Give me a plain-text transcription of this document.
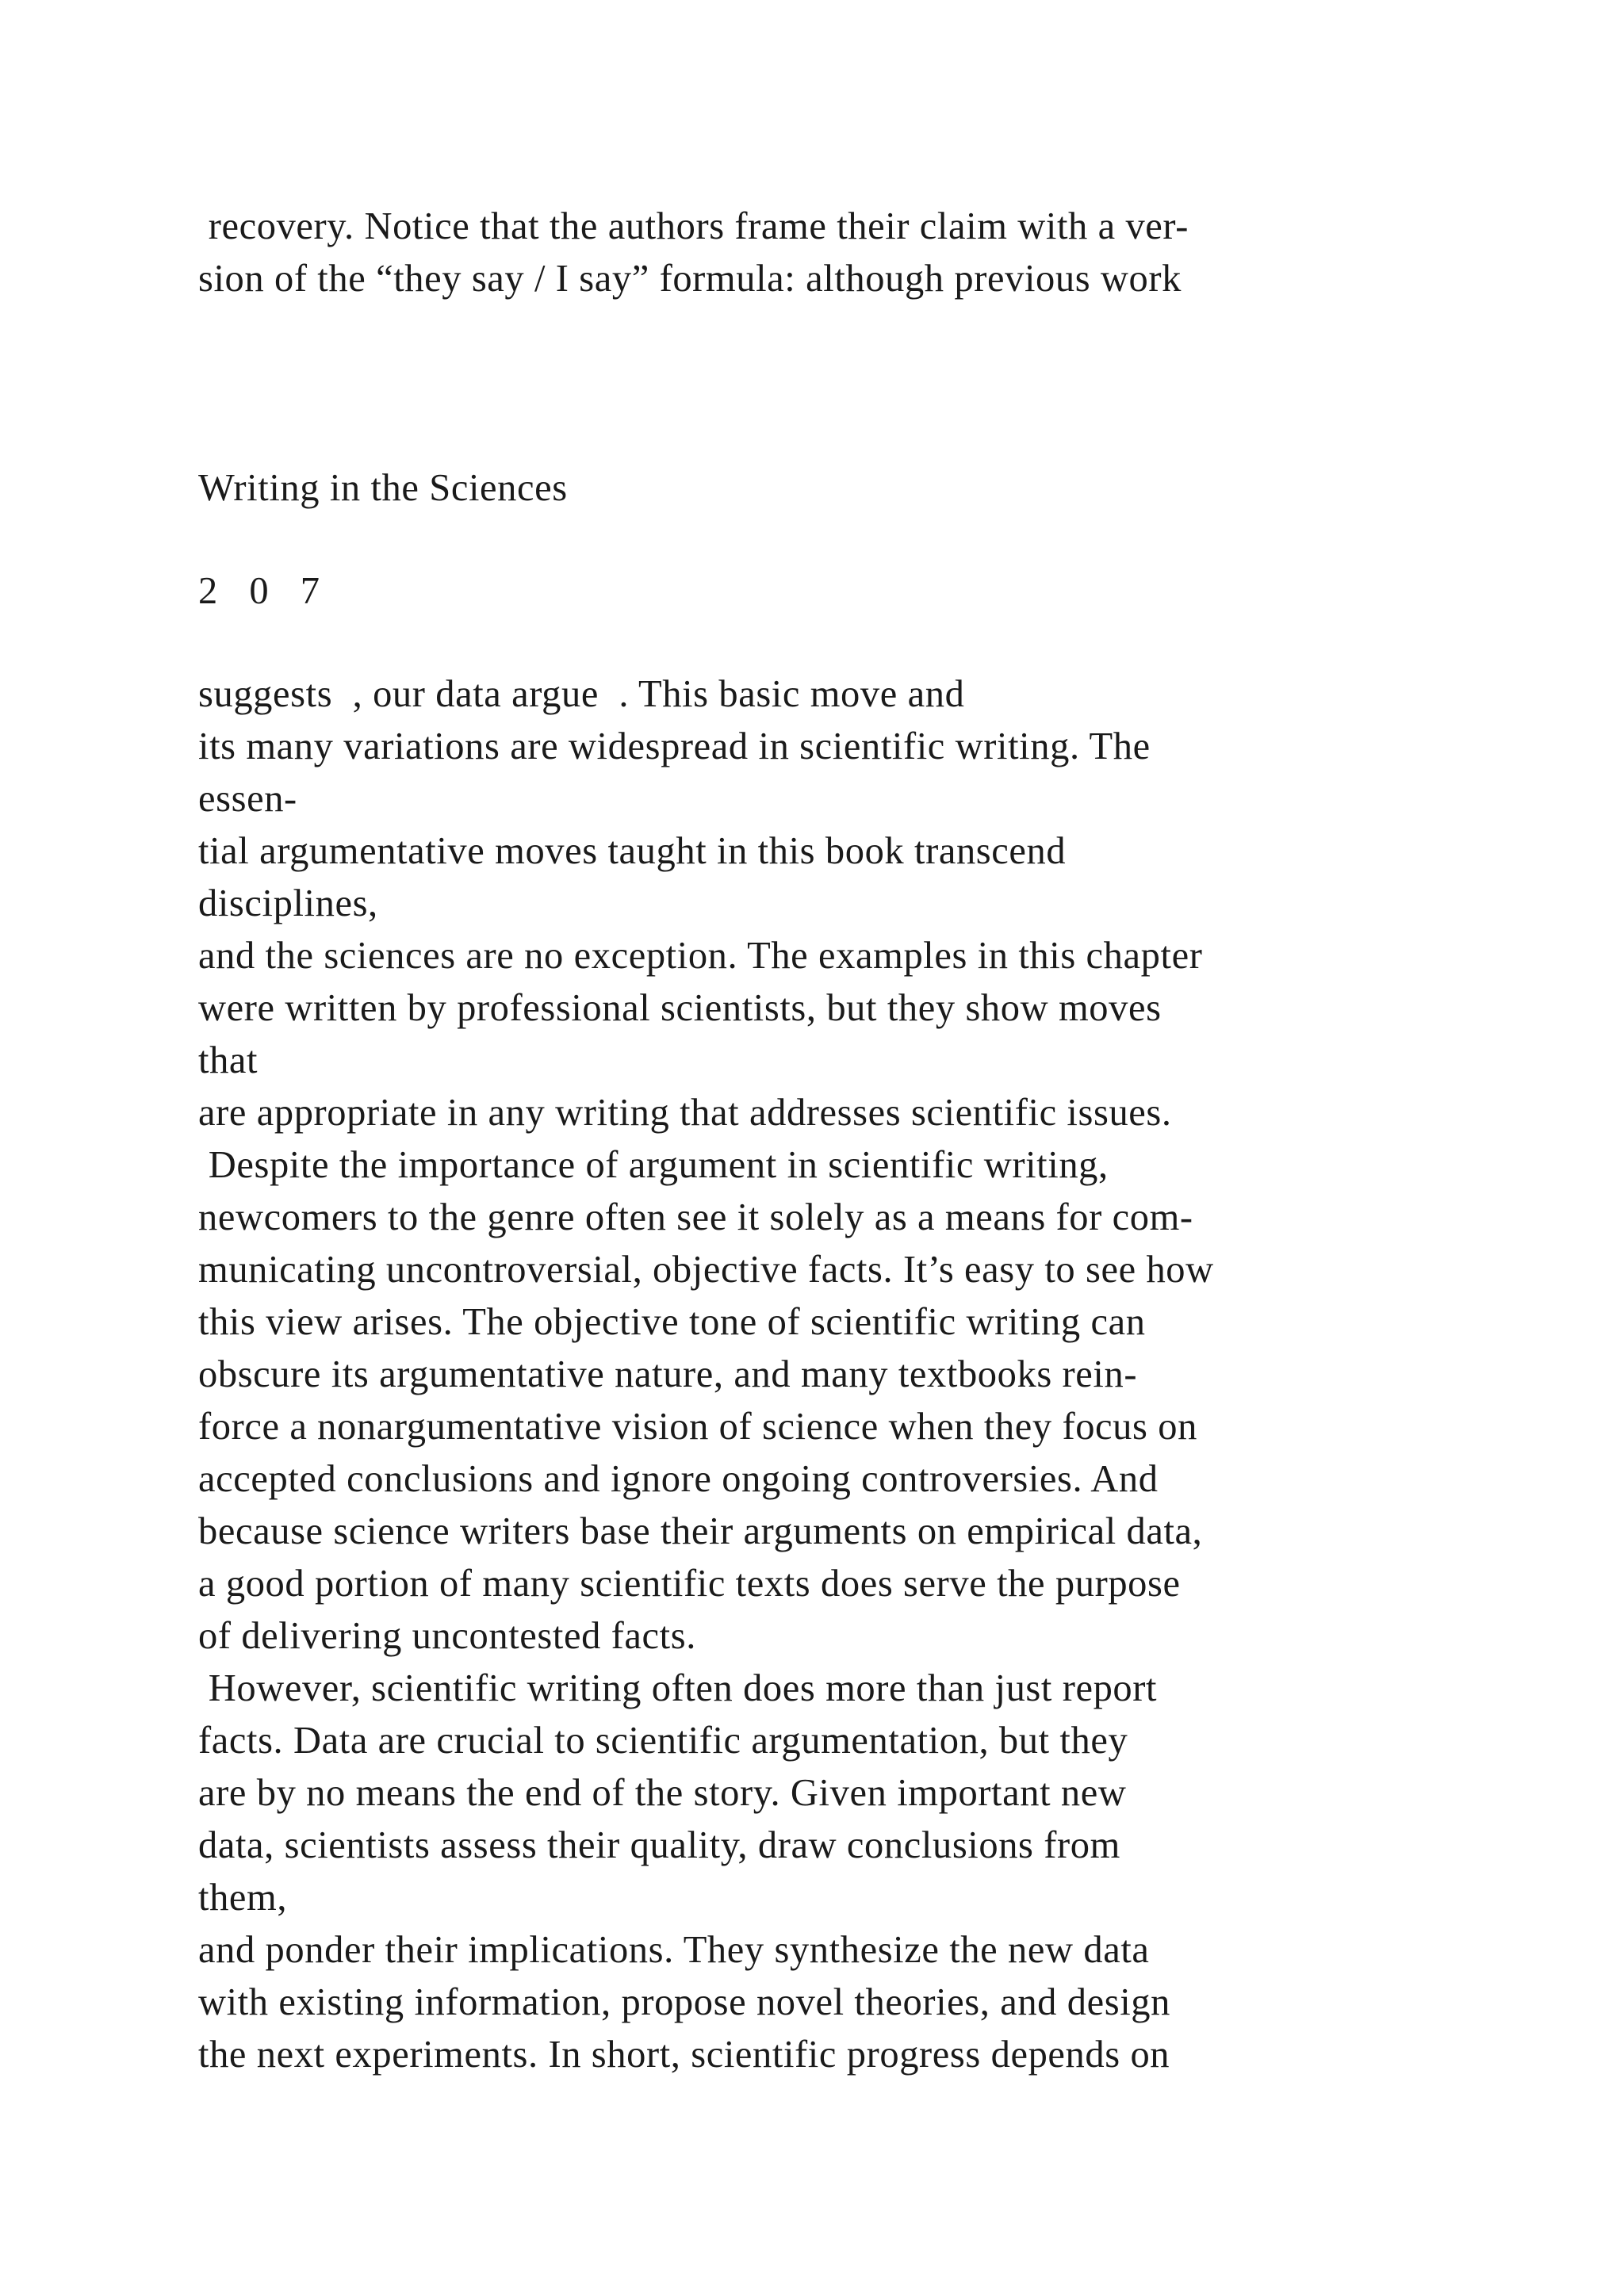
recovery. Notice that the authors frame their claim with a ver-

sion of the “they say / I say” formula: although previous work

Writing in the Sciences

2 0 7

suggests  , our data argue  . This basic move and

its many variations are widespread in scientific writing. The

essen-

tial argumentative moves taught in this book transcend

disciplines,

and the sciences are no exception. The examples in this chapter

were written by professional scientists, but they show moves

that

are appropriate in any writing that addresses scientific issues.

Despite the importance of argument in scientific writing,

newcomers to the genre often see it solely as a means for com-

municating uncontroversial, objective facts. It’s easy to see how

this view arises. The objective tone of scientific writing can

obscure its argumentative nature, and many textbooks rein-

force a nonargumentative vision of science when they focus on

accepted conclusions and ignore ongoing controversies. And

because science writers base their arguments on empirical data,

a good portion of many scientific texts does serve the purpose

of delivering uncontested facts.

However, scientific writing often does more than just report

facts. Data are crucial to scientific argumentation, but they

are by no means the end of the story. Given important new

data, scientists assess their quality, draw conclusions from

them,

and ponder their implications. They synthesize the new data

with existing information, propose novel theories, and design

the next experiments. In short, scientific progress depends on
